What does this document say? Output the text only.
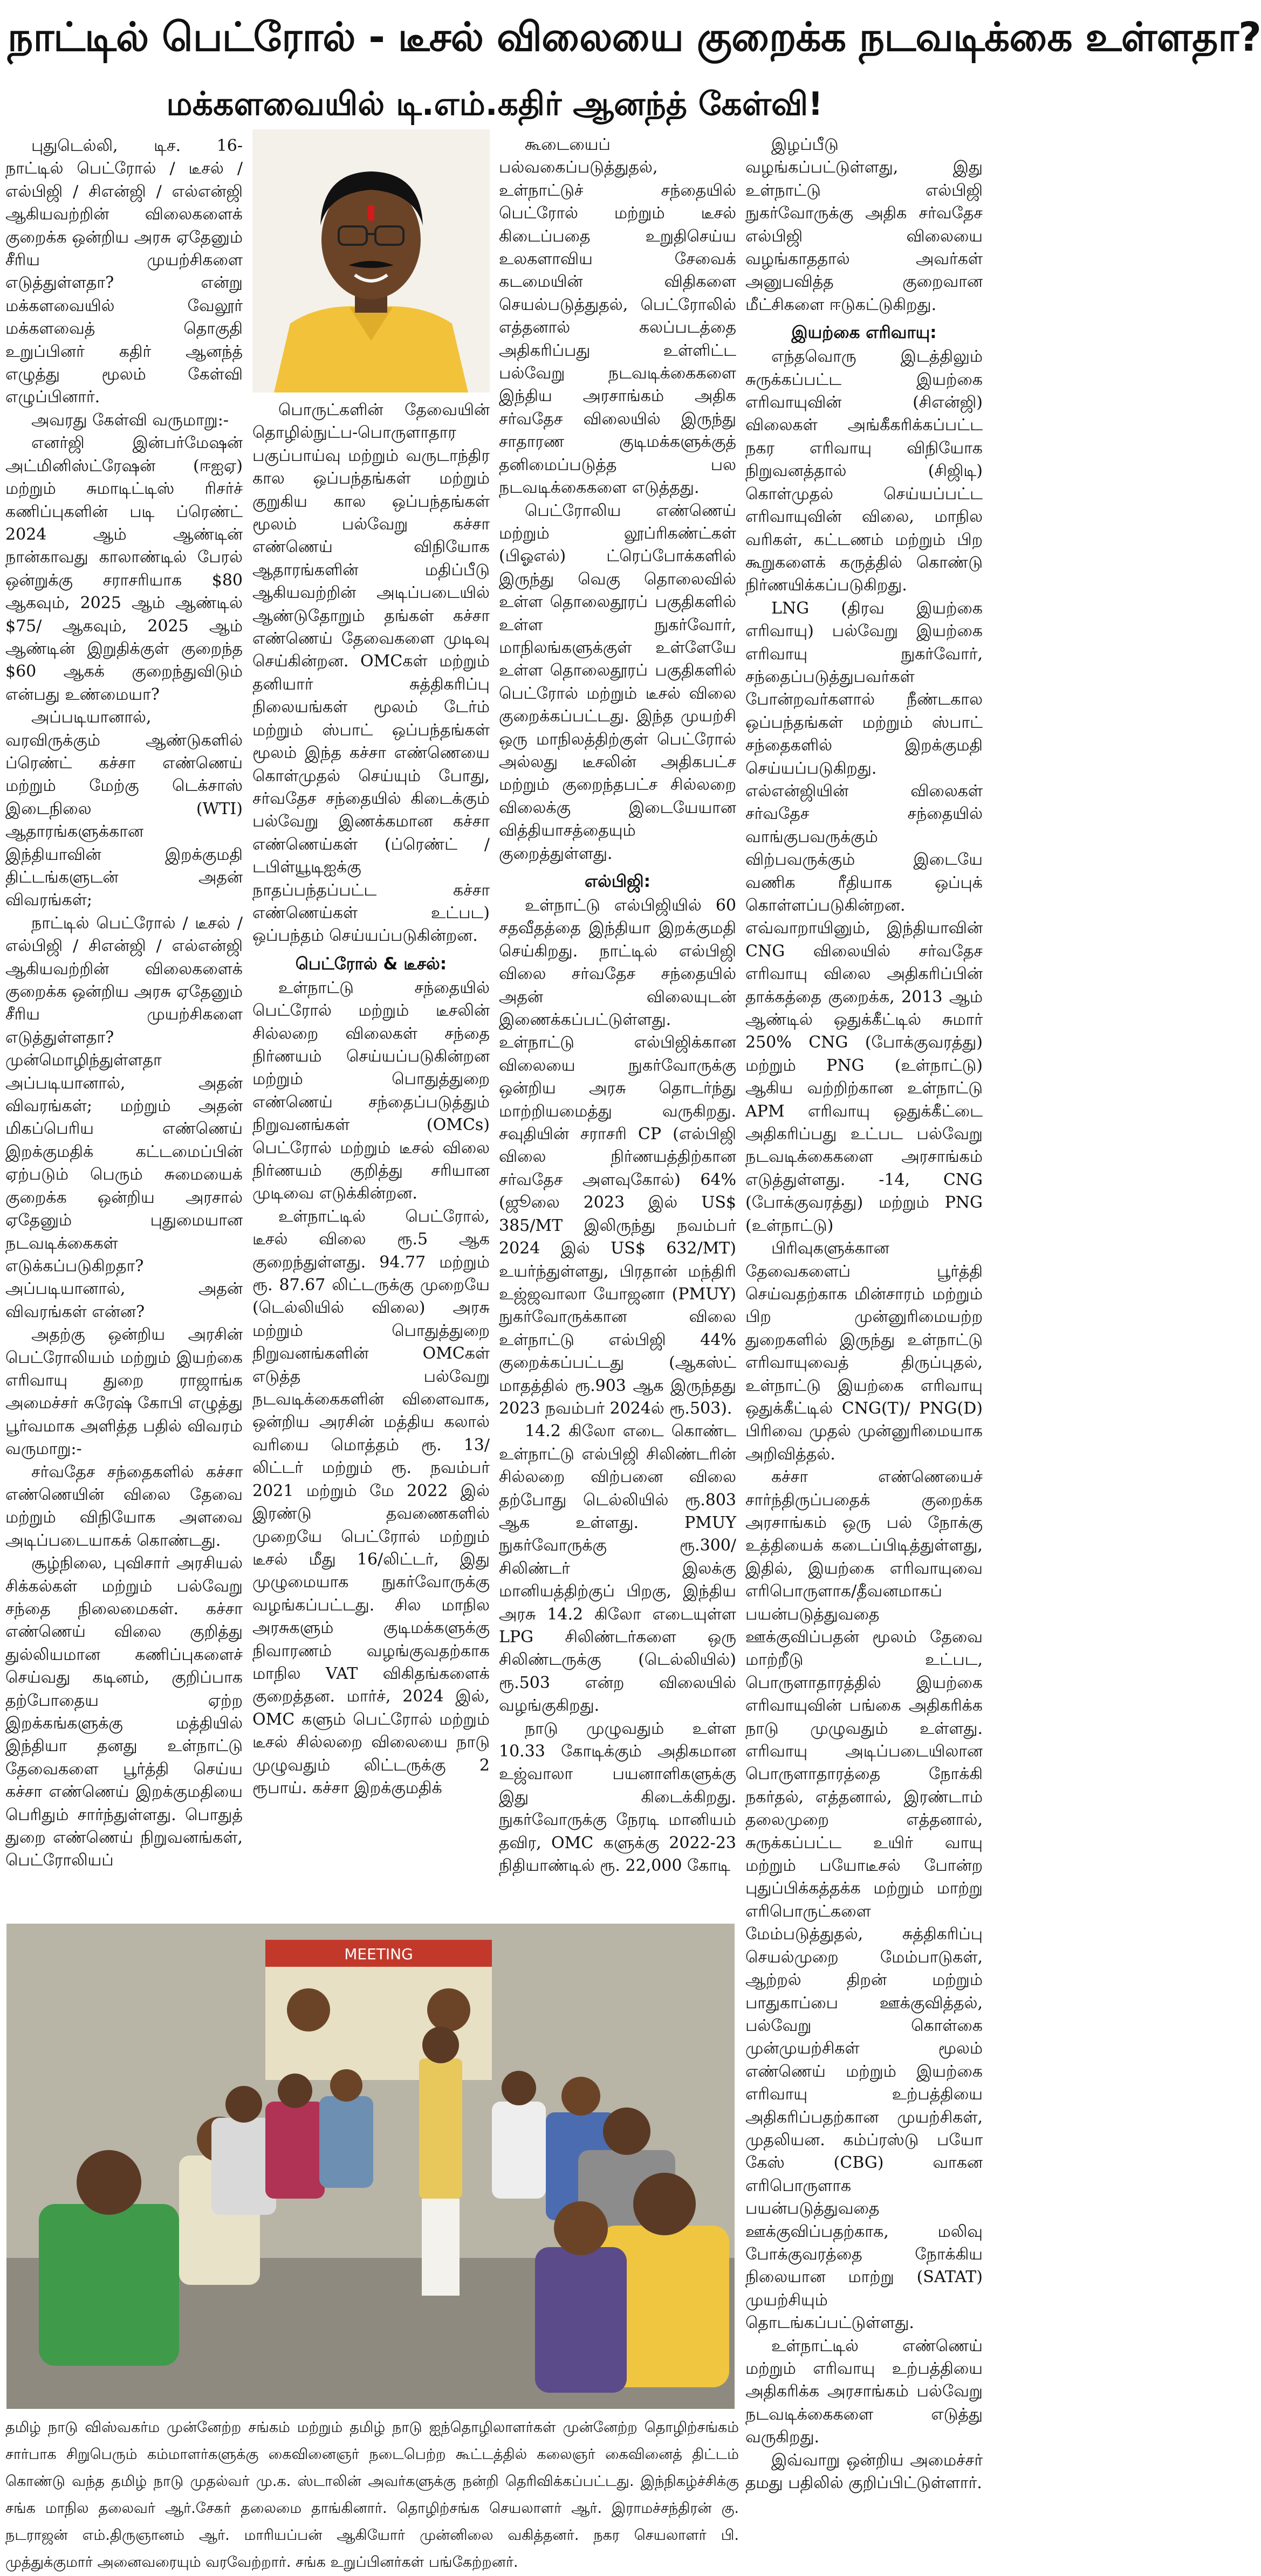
நாட்டில் பெட்ரோல் - டீசல் விலையை குறைக்க நடவடிக்கை உள்ளதா?
மக்களவையில் டி.எம்.கதிர் ஆனந்த் கேள்வி!

புதுடெல்லி, டிச. 16- நாட்டில் பெட்ரோல் / டீசல் / எல்பிஜி / சிஎன்ஜி / எல்என்ஜி ஆகியவற்றின் விலைகளைக் குறைக்க ஒன்றிய அரசு ஏதேனும் சீரிய முயற்சிகளை எடுத்துள்ளதா? என்று மக்களவையில் வேலூர் மக்களவைத் தொகுதி உறுப்பினர் கதிர் ஆனந்த் எழுத்து மூலம் கேள்வி எழுப்பினார்.

அவரது கேள்வி வருமாறு:-

எனர்ஜி இன்பர்மேஷன் அட்மினிஸ்ட்ரேஷன் (ஈஐஏ) மற்றும் சுமாடிட்டிஸ் ரிசர்ச் கணிப்புகளின் படி ப்ரெண்ட் 2024 ஆம் ஆண்டின் நான்காவது காலாண்டில் பேரல் ஒன்றுக்கு சராசரியாக $80 ஆகவும், 2025 ஆம் ஆண்டில் $75/ ஆகவும், 2025 ஆம் ஆண்டின் இறுதிக்குள் குறைந்த $60 ஆகக் குறைந்துவிடும் என்பது உண்மையா?

அப்படியானால், வரவிருக்கும் ஆண்டுகளில் ப்ரெண்ட் கச்சா எண்ணெய் மற்றும் மேற்கு டெக்சாஸ் இடைநிலை (WTI) ஆதாரங்களுக்கான இந்தியாவின் இறக்குமதி திட்டங்களுடன் அதன் விவரங்கள்;

நாட்டில் பெட்ரோல் / டீசல் / எல்பிஜி / சிஎன்ஜி / எல்என்ஜி ஆகியவற்றின் விலைகளைக் குறைக்க ஒன்றிய அரசு ஏதேனும் சீரிய முயற்சிகளை எடுத்துள்ளதா? முன்மொழிந்துள்ளதா அப்படியானால், அதன் விவரங்கள்; மற்றும் அதன் மிகப்பெரிய எண்ணெய் இறக்குமதிக் கட்டமைப்பின் ஏற்படும் பெரும் சுமையைக் குறைக்க ஒன்றிய அரசால் ஏதேனும் புதுமையான நடவடிக்கைகள் எடுக்கப்படுகிறதா? அப்படியானால், அதன் விவரங்கள் என்ன?

அதற்கு ஒன்றிய அரசின் பெட்ரோலியம் மற்றும் இயற்கை எரிவாயு துறை ராஜாங்க அமைச்சர் சுரேஷ் கோபி எழுத்து பூர்வமாக அளித்த பதில் விவரம் வருமாறு:-

சர்வதேச சந்தைகளில் கச்சா எண்ணெயின் விலை தேவை மற்றும் விநியோக அளவை அடிப்படையாகக் கொண்டது.

சூழ்நிலை, புவிசார் அரசியல் சிக்கல்கள் மற்றும் பல்வேறு சந்தை நிலைமைகள். கச்சா எண்ணெய் விலை குறித்து துல்லியமான கணிப்புகளைச் செய்வது கடினம், குறிப்பாக தற்போதைய ஏற்ற இறக்கங்களுக்கு மத்தியில் இந்தியா தனது உள்நாட்டு தேவைகளை பூர்த்தி செய்ய கச்சா எண்ணெய் இறக்குமதியை பெரிதும் சார்ந்துள்ளது. பொதுத் துறை எண்ணெய் நிறுவனங்கள், பெட்ரோலியப்

பொருட்களின் தேவையின் தொழில்நுட்ப-பொருளாதார பகுப்பாய்வு மற்றும் வருடாந்திர கால ஒப்பந்தங்கள் மற்றும் குறுகிய கால ஒப்பந்தங்கள் மூலம் பல்வேறு கச்சா எண்ணெய் விநியோக ஆதாரங்களின் மதிப்பீடு ஆகியவற்றின் அடிப்படையில் ஆண்டுதோறும் தங்கள் கச்சா எண்ணெய் தேவைகளை முடிவு செய்கின்றன. OMCகள் மற்றும் தனியார் சுத்திகரிப்பு நிலையங்கள் மூலம் டேர்ம் மற்றும் ஸ்பாட் ஒப்பந்தங்கள் மூலம் இந்த கச்சா எண்ணெயை கொள்முதல் செய்யும் போது, சர்வதேச சந்தையில் கிடைக்கும் பல்வேறு இணக்கமான கச்சா எண்ணெய்கள் (ப்ரெண்ட் / டபிள்யூடிஐக்கு நாதப்பந்தப்பட்ட கச்சா எண்ணெய்கள் உட்பட) ஒப்பந்தம் செய்யப்படுகின்றன.

பெட்ரோல் & டீசல்:

உள்நாட்டு சந்தையில் பெட்ரோல் மற்றும் டீசலின் சில்லறை விலைகள் சந்தை நிர்ணயம் செய்யப்படுகின்றன மற்றும் பொதுத்துறை எண்ணெய் சந்தைப்படுத்தும் நிறுவனங்கள் (OMCs) பெட்ரோல் மற்றும் டீசல் விலை நிர்ணயம் குறித்து சரியான முடிவை எடுக்கின்றன.

உள்நாட்டில் பெட்ரோல், டீசல் விலை ரூ.5 ஆக குறைந்துள்ளது. 94.77 மற்றும் ரூ. 87.67 லிட்டருக்கு முறையே (டெல்லியில் விலை) அரசு மற்றும் பொதுத்துறை நிறுவனங்களின் OMCகள் எடுத்த பல்வேறு நடவடிக்கைகளின் விளைவாக, ஒன்றிய அரசின் மத்திய கலால் வரியை மொத்தம் ரூ. 13/ லிட்டர் மற்றும் ரூ. நவம்பர் 2021 மற்றும் மே 2022 இல் இரண்டு தவணைகளில் முறையே பெட்ரோல் மற்றும் டீசல் மீது 16/லிட்டர், இது முழுமையாக நுகர்வோருக்கு வழங்கப்பட்டது. சில மாநில அரசுகளும் குடிமக்களுக்கு நிவாரணம் வழங்குவதற்காக மாநில VAT விகிதங்களைக் குறைத்தன. மார்ச், 2024 இல், OMC களும் பெட்ரோல் மற்றும் டீசல் சில்லறை விலையை நாடு முழுவதும் லிட்டருக்கு 2 ரூபாய். கச்சா இறக்குமதிக்

கூடையைப் பல்வகைப்படுத்துதல், உள்நாட்டுச் சந்தையில் பெட்ரோல் மற்றும் டீசல் கிடைப்பதை உறுதிசெய்ய உலகளாவிய சேவைக் கடமையின் விதிகளை செயல்படுத்துதல், பெட்ரோலில் எத்தனால் கலப்படத்தை அதிகரிப்பது உள்ளிட்ட பல்வேறு நடவடிக்கைகளை இந்திய அரசாங்கம் அதிக சர்வதேச விலையில் இருந்து சாதாரண குடிமக்களுக்குத் தனிமைப்படுத்த பல நடவடிக்கைகளை எடுத்தது.

பெட்ரோலிய எண்ணெய் மற்றும் லூப்ரிகண்ட்கள் (பிஓஎல்) ட்ரெப்போக்களில் இருந்து வெகு தொலைவில் உள்ள தொலைதூரப் பகுதிகளில் உள்ள நுகர்வோர், மாநிலங்களுக்குள் உள்ளேயே உள்ள தொலைதூரப் பகுதிகளில் பெட்ரோல் மற்றும் டீசல் விலை குறைக்கப்பட்டது. இந்த முயற்சி ஒரு மாநிலத்திற்குள் பெட்ரோல் அல்லது டீசலின் அதிகபட்ச மற்றும் குறைந்தபட்ச சில்லறை விலைக்கு இடையேயான வித்தியாசத்தையும் குறைத்துள்ளது.

எல்பிஜி:

உள்நாட்டு எல்பிஜியில் 60 சதவீதத்தை இந்தியா இறக்குமதி செய்கிறது. நாட்டில் எல்பிஜி விலை சர்வதேச சந்தையில் அதன் விலையுடன் இணைக்கப்பட்டுள்ளது. உள்நாட்டு எல்பிஜிக்கான விலையை நுகர்வோருக்கு ஒன்றிய அரசு தொடர்ந்து மாற்றியமைத்து வருகிறது. சவுதியின் சராசரி CP (எல்பிஜி விலை நிர்ணயத்திற்கான சர்வதேச அளவுகோல்) 64% (ஜூலை 2023 இல் US$ 385/MT இலிருந்து நவம்பர் 2024 இல் US$ 632/MT) உயர்ந்துள்ளது, பிரதான் மந்திரி உஜ்ஜவாலா யோஜனா (PMUY) நுகர்வோருக்கான விலை உள்நாட்டு எல்பிஜி 44% குறைக்கப்பட்டது (ஆகஸ்ட் மாதத்தில் ரூ.903 ஆக இருந்தது 2023 நவம்பர் 2024ல் ரூ.503).

14.2 கிலோ எடை கொண்ட உள்நாட்டு எல்பிஜி சிலிண்டரின் சில்லறை விற்பனை விலை தற்போது டெல்லியில் ரூ.803 ஆக உள்ளது. PMUY நுகர்வோருக்கு ரூ.300/ சிலிண்டர் இலக்கு மானியத்திற்குப் பிறகு, இந்திய அரசு 14.2 கிலோ எடையுள்ள LPG சிலிண்டர்களை ஒரு சிலிண்டருக்கு (டெல்லியில்) ரூ.503 என்ற விலையில் வழங்குகிறது.

நாடு முழுவதும் உள்ள 10.33 கோடிக்கும் அதிகமான உஜ்வாலா பயனாளிகளுக்கு இது கிடைக்கிறது. நுகர்வோருக்கு நேரடி மானியம் தவிர, OMC களுக்கு 2022-23 நிதியாண்டில் ரூ. 22,000 கோடி

இழப்பீடு வழங்கப்பட்டுள்ளது, இது உள்நாட்டு எல்பிஜி நுகர்வோருக்கு அதிக சர்வதேச எல்பிஜி விலையை வழங்காததால் அவர்கள் அனுபவித்த குறைவான மீட்சிகளை ஈடுகட்டுகிறது.

இயற்கை எரிவாயு:

எந்தவொரு இடத்திலும் சுருக்கப்பட்ட இயற்கை எரிவாயுவின் (சிஎன்ஜி) விலைகள் அங்கீகரிக்கப்பட்ட நகர எரிவாயு விநியோக நிறுவனத்தால் (சிஜிடி) கொள்முதல் செய்யப்பட்ட எரிவாயுவின் விலை, மாநில வரிகள், கட்டணம் மற்றும் பிற கூறுகளைக் கருத்தில் கொண்டு நிர்ணயிக்கப்படுகிறது.

LNG (திரவ இயற்கை எரிவாயு) பல்வேறு இயற்கை எரிவாயு நுகர்வோர், சந்தைப்படுத்துபவர்கள் போன்றவர்களால் நீண்டகால ஒப்பந்தங்கள் மற்றும் ஸ்பாட் சந்தைகளில் இறக்குமதி செய்யப்படுகிறது. எல்என்ஜியின் விலைகள் சர்வதேச சந்தையில் வாங்குபவருக்கும் விற்பவருக்கும் இடையே வணிக ரீதியாக ஒப்புக் கொள்ளப்படுகின்றன. எவ்வாறாயினும், இந்தியாவின் CNG விலையில் சர்வதேச எரிவாயு விலை அதிகரிப்பின் தாக்கத்தை குறைக்க, 2013 ஆம் ஆண்டில் ஒதுக்கீட்டில் சுமார் 250% CNG (போக்குவரத்து) மற்றும் PNG (உள்நாட்டு) ஆகிய வற்றிற்கான உள்நாட்டு APM எரிவாயு ஒதுக்கீட்டை அதிகரிப்பது உட்பட பல்வேறு நடவடிக்கைகளை அரசாங்கம் எடுத்துள்ளது. -14, CNG (போக்குவரத்து) மற்றும் PNG (உள்நாட்டு)

பிரிவுகளுக்கான தேவைகளைப் பூர்த்தி செய்வதற்காக மின்சாரம் மற்றும் பிற முன்னுரிமையற்ற துறைகளில் இருந்து உள்நாட்டு எரிவாயுவைத் திருப்புதல், உள்நாட்டு இயற்கை எரிவாயு ஒதுக்கீட்டில் CNG(T)/ PNG(D) பிரிவை முதல் முன்னுரிமையாக அறிவித்தல்.

கச்சா எண்ணெயைச் சார்ந்திருப்பதைக் குறைக்க அரசாங்கம் ஒரு பல் நோக்கு உத்தியைக் கடைப்பிடித்துள்ளது, இதில், இயற்கை எரிவாயுவை எரிபொருளாக/தீவனமாகப் பயன்படுத்துவதை ஊக்குவிப்பதன் மூலம் தேவை மாற்றீடு உட்பட, பொருளாதாரத்தில் இயற்கை எரிவாயுவின் பங்கை அதிகரிக்க நாடு முழுவதும் உள்ளது. எரிவாயு அடிப்படையிலான பொருளாதாரத்தை நோக்கி நகர்தல், எத்தனால், இரண்டாம் தலைமுறை எத்தனால், சுருக்கப்பட்ட உயிர் வாயு மற்றும் பயோடீசல் போன்ற புதுப்பிக்கத்தக்க மற்றும் மாற்று எரிபொருட்களை மேம்படுத்துதல், சுத்திகரிப்பு செயல்முறை மேம்பாடுகள், ஆற்றல் திறன் மற்றும் பாதுகாப்பை ஊக்குவித்தல், பல்வேறு கொள்கை முன்முயற்சிகள் மூலம் எண்ணெய் மற்றும் இயற்கை எரிவாயு உற்பத்தியை அதிகரிப்பதற்கான முயற்சிகள், முதலியன. கம்ப்ரஸ்டு பயோ கேஸ் (CBG) வாகன எரிபொருளாக பயன்படுத்துவதை ஊக்குவிப்பதற்காக, மலிவு போக்குவரத்தை நோக்கிய நிலையான மாற்று (SATAT) முயற்சியும் தொடங்கப்பட்டுள்ளது.

உள்நாட்டில் எண்ணெய் மற்றும் எரிவாயு உற்பத்தியை அதிகரிக்க அரசாங்கம் பல்வேறு நடவடிக்கைகளை எடுத்து வருகிறது.

இவ்வாறு ஒன்றிய அமைச்சர் தமது பதிலில் குறிப்பிட்டுள்ளார்.

MEETING
தமிழ் நாடு விஸ்வகர்ம முன்னேற்ற சங்கம் மற்றும் தமிழ் நாடு ஐந்தொழிலாளர்கள் முன்னேற்ற தொழிற்சங்கம் சார்பாக சிறுபெரும் கம்மாளர்களுக்கு கைவினைஞர் நடைபெற்ற கூட்டத்தில் கலைஞர் கைவினைத் திட்டம் கொண்டு வந்த தமிழ் நாடு முதல்வர் மு.க. ஸ்டாலின் அவர்களுக்கு நன்றி தெரிவிக்கப்பட்டது. இந்நிகழ்ச்சிக்கு சங்க மாநில தலைவர் ஆர்.சேகர் தலைமை தாங்கினார். தொழிற்சங்க செயலாளர் ஆர். இராமச்சந்திரன் கு. நடராஜன் எம்.திருஞானம் ஆர். மாரியப்பன் ஆகியோர் முன்னிலை வகித்தனர். நகர செயலாளர் பி. முத்துக்குமார் அனைவரையும் வரவேற்றார். சங்க உறுப்பினர்கள் பங்கேற்றனர்.
